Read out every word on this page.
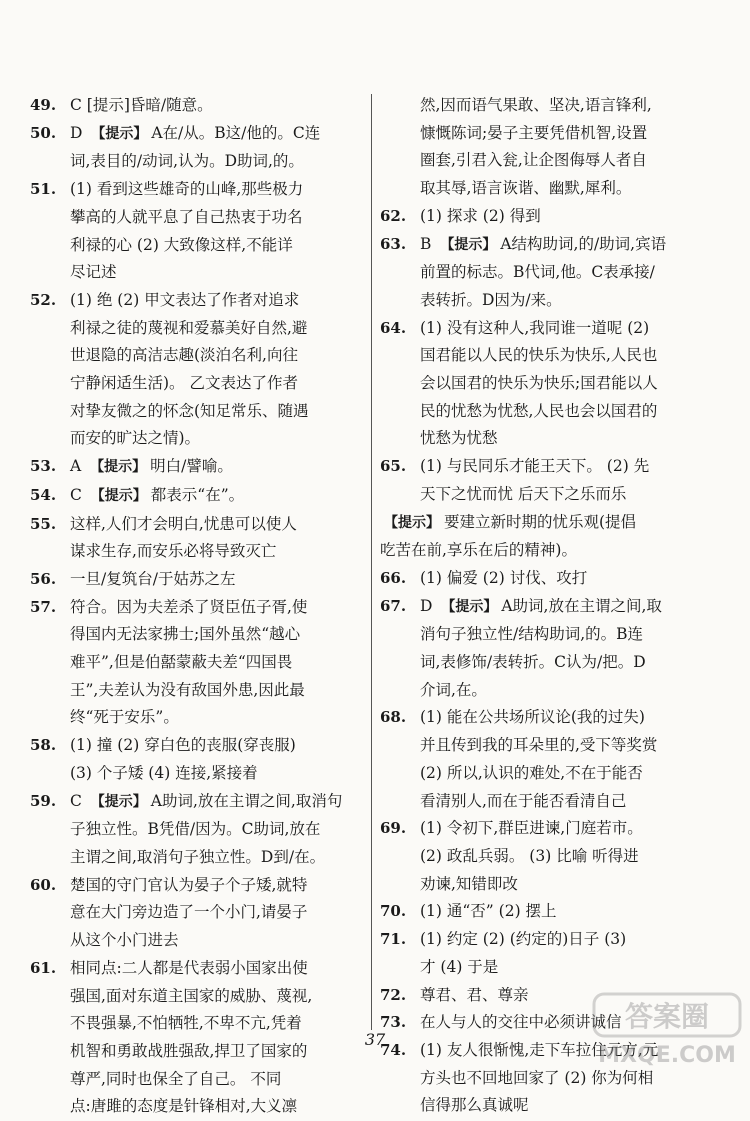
49. C [提示]昏暗/随意。
50. D 【提示】 A在/从。B这/他的。C连
词,表目的/动词,认为。D助词,的。
51. (1) 看到这些雄奇的山峰,那些极力
攀高的人就平息了自己热衷于功名
利禄的心 (2) 大致像这样,不能详
尽记述
52. (1) 绝 (2) 甲文表达了作者对追求
利禄之徒的蔑视和爱慕美好自然,避
世退隐的高洁志趣(淡泊名利,向往
宁静闲适生活)。 乙文表达了作者
对挚友微之的怀念(知足常乐、随遇
而安的旷达之情)。
53. A 【提示】 明白/譬喻。
54. C 【提示】 都表示“在”。
55. 这样,人们才会明白,忧患可以使人
谋求生存,而安乐必将导致灭亡
56. 一旦/复筑台/于姑苏之左
57. 符合。因为夫差杀了贤臣伍子胥,使
得国内无法家拂士;国外虽然“越心
难平”,但是伯嚭蒙蔽夫差“四国畏
王”,夫差认为没有敌国外患,因此最
终“死于安乐”。
58. (1) 撞 (2) 穿白色的丧服(穿丧服)
(3) 个子矮 (4) 连接,紧接着
59. C 【提示】 A助词,放在主谓之间,取消句
子独立性。B凭借/因为。C助词,放在
主谓之间,取消句子独立性。D到/在。
60. 楚国的守门官认为晏子个子矮,就特
意在大门旁边造了一个小门,请晏子
从这个小门进去
61. 相同点:二人都是代表弱小国家出使
强国,面对东道主国家的威胁、蔑视,
不畏强暴,不怕牺牲,不卑不亢,凭着
机智和勇敢战胜强敌,捍卫了国家的
尊严,同时也保全了自己。 不同
点:唐雎的态度是针锋相对,大义凛
然,因而语气果敢、坚决,语言锋利,
慷慨陈词;晏子主要凭借机智,设置
圈套,引君入瓮,让企图侮辱人者自
取其辱,语言诙谐、幽默,犀利。
62. (1) 探求 (2) 得到
63. B 【提示】 A结构助词,的/助词,宾语
前置的标志。B代词,他。C表承接/
表转折。D因为/来。
64. (1) 没有这种人,我同谁一道呢 (2)
国君能以人民的快乐为快乐,人民也
会以国君的快乐为快乐;国君能以人
民的忧愁为忧愁,人民也会以国君的
忧愁为忧愁
65. (1) 与民同乐才能王天下。 (2) 先
天下之忧而忧 后天下之乐而乐
【提示】 要建立新时期的忧乐观(提倡
吃苦在前,享乐在后的精神)。
66. (1) 偏爱 (2) 讨伐、攻打
67. D 【提示】 A助词,放在主谓之间,取
消句子独立性/结构助词,的。B连
词,表修饰/表转折。C认为/把。D
介词,在。
68. (1) 能在公共场所议论(我的过失)
并且传到我的耳朵里的,受下等奖赏
(2) 所以,认识的难处,不在于能否
看清别人,而在于能否看清自己
69. (1) 令初下,群臣进谏,门庭若市。
(2) 政乱兵弱。 (3) 比喻 听得进
劝谏,知错即改
70. (1) 通“否” (2) 摆上
71. (1) 约定 (2) (约定的)日子 (3)
才 (4) 于是
72. 尊君、君、尊亲
73. 在人与人的交往中必须讲诚信
74. (1) 友人很惭愧,走下车拉住元方,元
方头也不回地回家了 (2) 你为何相
信得那么真诚呢
37
答案圈
MXQE.COM
